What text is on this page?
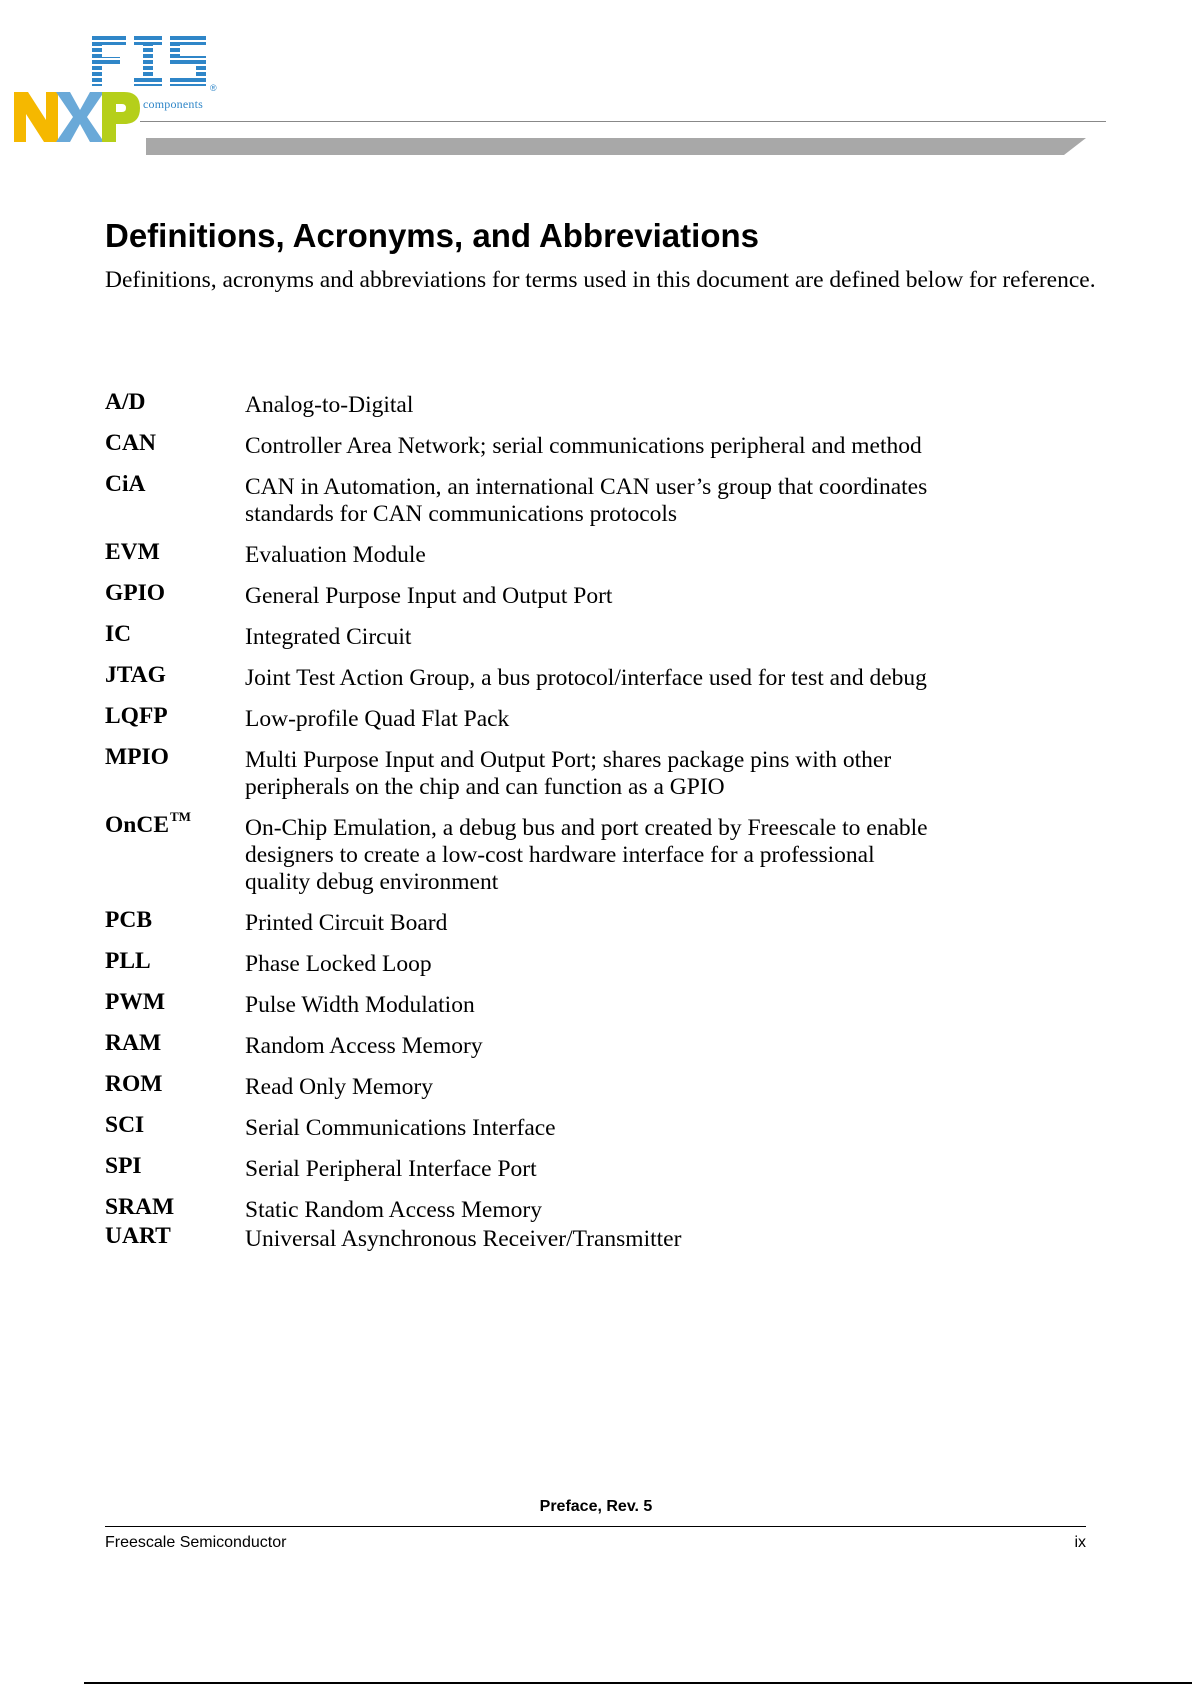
®
components
Definitions, Acronyms, and Abbreviations

Definitions, acronyms and abbreviations for terms used in this document are defined below for reference.

A/D	Analog-to-Digital
CAN	Controller Area Network; serial communications peripheral and method
CiA	CAN in Automation, an international CAN user’s group that coordinates
standards for CAN communications protocols
EVM	Evaluation Module
GPIO	General Purpose Input and Output Port
IC	Integrated Circuit
JTAG	Joint Test Action Group, a bus protocol/interface used for test and debug
LQFP	Low-profile Quad Flat Pack
MPIO	Multi Purpose Input and Output Port; shares package pins with other
peripherals on the chip and can function as a GPIO
OnCE™	On-Chip Emulation, a debug bus and port created by Freescale to enable
designers to create a low-cost hardware interface for a professional
quality debug environment
PCB	Printed Circuit Board
PLL	Phase Locked Loop
PWM	Pulse Width Modulation
RAM	Random Access Memory
ROM	Read Only Memory
SCI	Serial Communications Interface
SPI	Serial Peripheral Interface Port
SRAM	Static Random Access Memory
UART	Universal Asynchronous Receiver/Transmitter
Preface, Rev. 5
Freescale Semiconductor	ix
